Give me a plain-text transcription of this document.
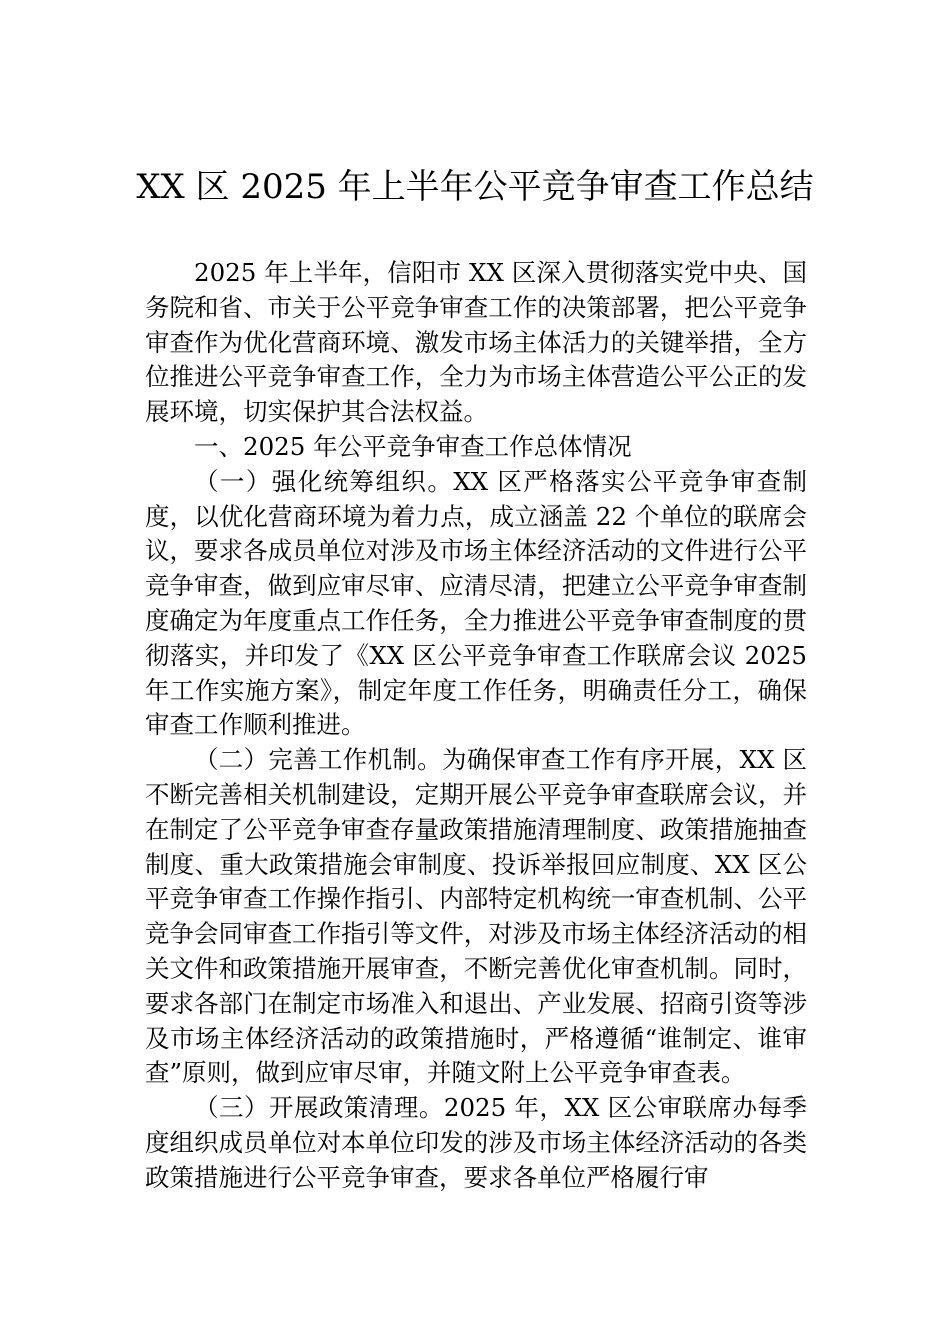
XX 区 2025 年上半年公平竞争审查工作总结

2025 年上半年，信阳市 XX 区深入贯彻落实党中央、国务院和省、市关于公平竞争审查工作的决策部署，把公平竞争审查作为优化营商环境、激发市场主体活力的关键举措，全方位推进公平竞争审查工作，全力为市场主体营造公平公正的发展环境，切实保护其合法权益。

一、2025 年公平竞争审查工作总体情况

（一）强化统筹组织。XX 区严格落实公平竞争审查制度，以优化营商环境为着力点，成立涵盖 22 个单位的联席会议，要求各成员单位对涉及市场主体经济活动的文件进行公平竞争审查，做到应审尽审、应清尽清，把建立公平竞争审查制度确定为年度重点工作任务，全力推进公平竞争审查制度的贯彻落实，并印发了《XX 区公平竞争审查工作联席会议 2025 年工作实施方案》，制定年度工作任务，明确责任分工，确保审查工作顺利推进。

（二）完善工作机制。为确保审查工作有序开展，XX 区不断完善相关机制建设，定期开展公平竞争审查联席会议，并在制定了公平竞争审查存量政策措施清理制度、政策措施抽查制度、重大政策措施会审制度、投诉举报回应制度、XX 区公平竞争审查工作操作指引、内部特定机构统一审查机制、公平竞争会同审查工作指引等文件，对涉及市场主体经济活动的相关文件和政策措施开展审查，不断完善优化审查机制。同时，要求各部门在制定市场准入和退出、产业发展、招商引资等涉及市场主体经济活动的政策措施时，严格遵循“谁制定、谁审查”原则，做到应审尽审，并随文附上公平竞争审查表。

（三）开展政策清理。2025 年，XX 区公审联席办每季度组织成员单位对本单位印发的涉及市场主体经济活动的各类政策措施进行公平竞争审查，要求各单位严格履行审
